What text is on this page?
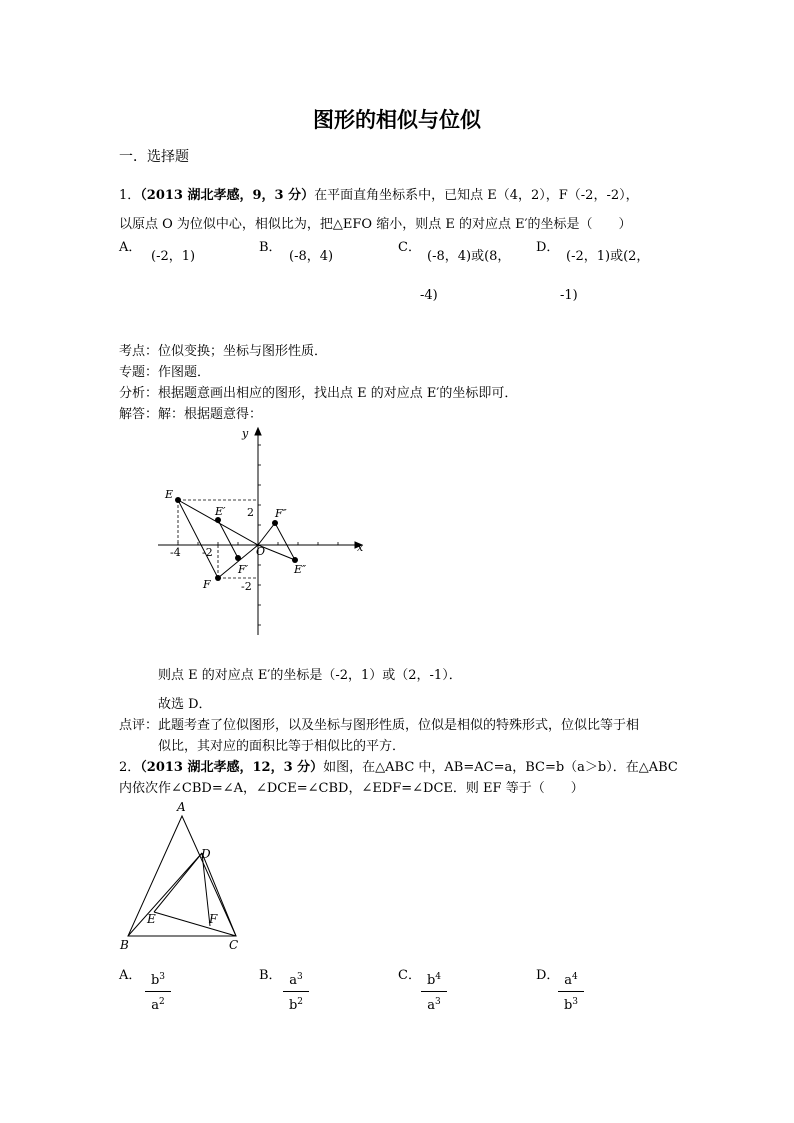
图形的相似与位似
一．选择题
1．（2013 湖北孝感，9，3 分）在平面直角坐标系中，已知点 E（4，2），F（-2，-2），
以原点 O 为位似中心，相似比为，把△EFO 缩小，则点 E 的对应点 E′的坐标是（　　）
A．
(-2，1)
B．
(-8，4)
C．
(-8，4)或(8，
-4)
D．
(-2，1)或(2，
-1)
考点：位似变换；坐标与图形性质．
专题：作图题．
分析：根据题意画出相应的图形，找出点 E 的对应点 E′的坐标即可．
解答：解：根据题意得：
y
x
E
E′
F
F′
F″
E″
O
-4 -2
2
-2
则点 E 的对应点 E′的坐标是（-2，1）或（2，-1）．
故选 D．
点评：此题考查了位似图形，以及坐标与图形性质，位似是相似的特殊形式，位似比等于相
似比，其对应的面积比等于相似比的平方．
2．（2013 湖北孝感，12，3 分）如图，在△ABC 中，AB=AC=a，BC=b（a＞b）．在△ABC
内依次作∠CBD=∠A，∠DCE=∠CBD，∠EDF=∠DCE．则 EF 等于（　　）
A
B	C
D
E	F
A． $b^3$
$a^2$
B． $a^3$
$b^2$
C． $b^4$
$a^3$
D． $a^4$
$b^3$
